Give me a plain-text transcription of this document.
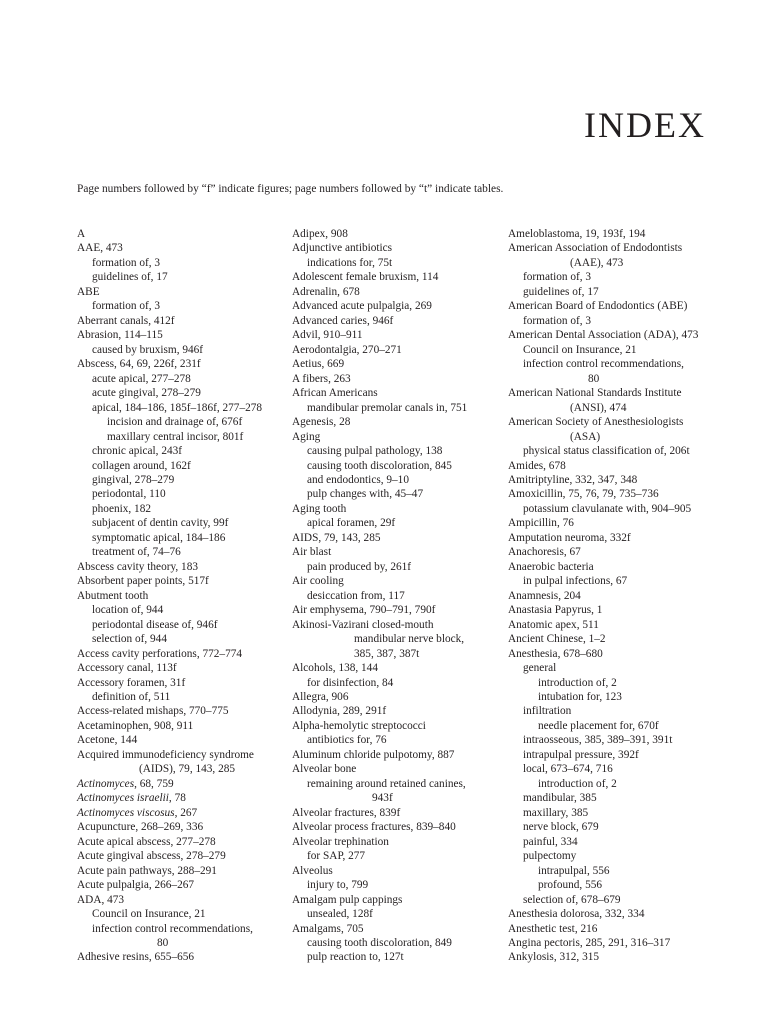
INDEX
Page numbers followed by “f” indicate figures; page numbers followed by “t” indicate tables.
A
AAE, 473
formation of, 3
guidelines of, 17
ABE
formation of, 3
Aberrant canals, 412f
Abrasion, 114–115
caused by bruxism, 946f
Abscess, 64, 69, 226f, 231f
acute apical, 277–278
acute gingival, 278–279
apical, 184–186, 185f–186f, 277–278
incision and drainage of, 676f
maxillary central incisor, 801f
chronic apical, 243f
collagen around, 162f
gingival, 278–279
periodontal, 110
phoenix, 182
subjacent of dentin cavity, 99f
symptomatic apical, 184–186
treatment of, 74–76
Abscess cavity theory, 183
Absorbent paper points, 517f
Abutment tooth
location of, 944
periodontal disease of, 946f
selection of, 944
Access cavity perforations, 772–774
Accessory canal, 113f
Accessory foramen, 31f
definition of, 511
Access-related mishaps, 770–775
Acetaminophen, 908, 911
Acetone, 144
Acquired immunodeficiency syndrome
(AIDS), 79, 143, 285
Actinomyces, 68, 759
Actinomyces israelii, 78
Actinomyces viscosus, 267
Acupuncture, 268–269, 336
Acute apical abscess, 277–278
Acute gingival abscess, 278–279
Acute pain pathways, 288–291
Acute pulpalgia, 266–267
ADA, 473
Council on Insurance, 21
infection control recommendations,
80
Adhesive resins, 655–656
Adipex, 908
Adjunctive antibiotics
indications for, 75t
Adolescent female bruxism, 114
Adrenalin, 678
Advanced acute pulpalgia, 269
Advanced caries, 946f
Advil, 910–911
Aerodontalgia, 270–271
Aetius, 669
A fibers, 263
African Americans
mandibular premolar canals in, 751
Agenesis, 28
Aging
causing pulpal pathology, 138
causing tooth discoloration, 845
and endodontics, 9–10
pulp changes with, 45–47
Aging tooth
apical foramen, 29f
AIDS, 79, 143, 285
Air blast
pain produced by, 261f
Air cooling
desiccation from, 117
Air emphysema, 790–791, 790f
Akinosi-Vazirani closed-mouth
mandibular nerve block,
385, 387, 387t
Alcohols, 138, 144
for disinfection, 84
Allegra, 906
Allodynia, 289, 291f
Alpha-hemolytic streptococci
antibiotics for, 76
Aluminum chloride pulpotomy, 887
Alveolar bone
remaining around retained canines,
943f
Alveolar fractures, 839f
Alveolar process fractures, 839–840
Alveolar trephination
for SAP, 277
Alveolus
injury to, 799
Amalgam pulp cappings
unsealed, 128f
Amalgams, 705
causing tooth discoloration, 849
pulp reaction to, 127t
Ameloblastoma, 19, 193f, 194
American Association of Endodontists
(AAE), 473
formation of, 3
guidelines of, 17
American Board of Endodontics (ABE)
formation of, 3
American Dental Association (ADA), 473
Council on Insurance, 21
infection control recommendations,
80
American National Standards Institute
(ANSI), 474
American Society of Anesthesiologists
(ASA)
physical status classification of, 206t
Amides, 678
Amitriptyline, 332, 347, 348
Amoxicillin, 75, 76, 79, 735–736
potassium clavulanate with, 904–905
Ampicillin, 76
Amputation neuroma, 332f
Anachoresis, 67
Anaerobic bacteria
in pulpal infections, 67
Anamnesis, 204
Anastasia Papyrus, 1
Anatomic apex, 511
Ancient Chinese, 1–2
Anesthesia, 678–680
general
introduction of, 2
intubation for, 123
infiltration
needle placement for, 670f
intraosseous, 385, 389–391, 391t
intrapulpal pressure, 392f
local, 673–674, 716
introduction of, 2
mandibular, 385
maxillary, 385
nerve block, 679
painful, 334
pulpectomy
intrapulpal, 556
profound, 556
selection of, 678–679
Anesthesia dolorosa, 332, 334
Anesthetic test, 216
Angina pectoris, 285, 291, 316–317
Ankylosis, 312, 315
